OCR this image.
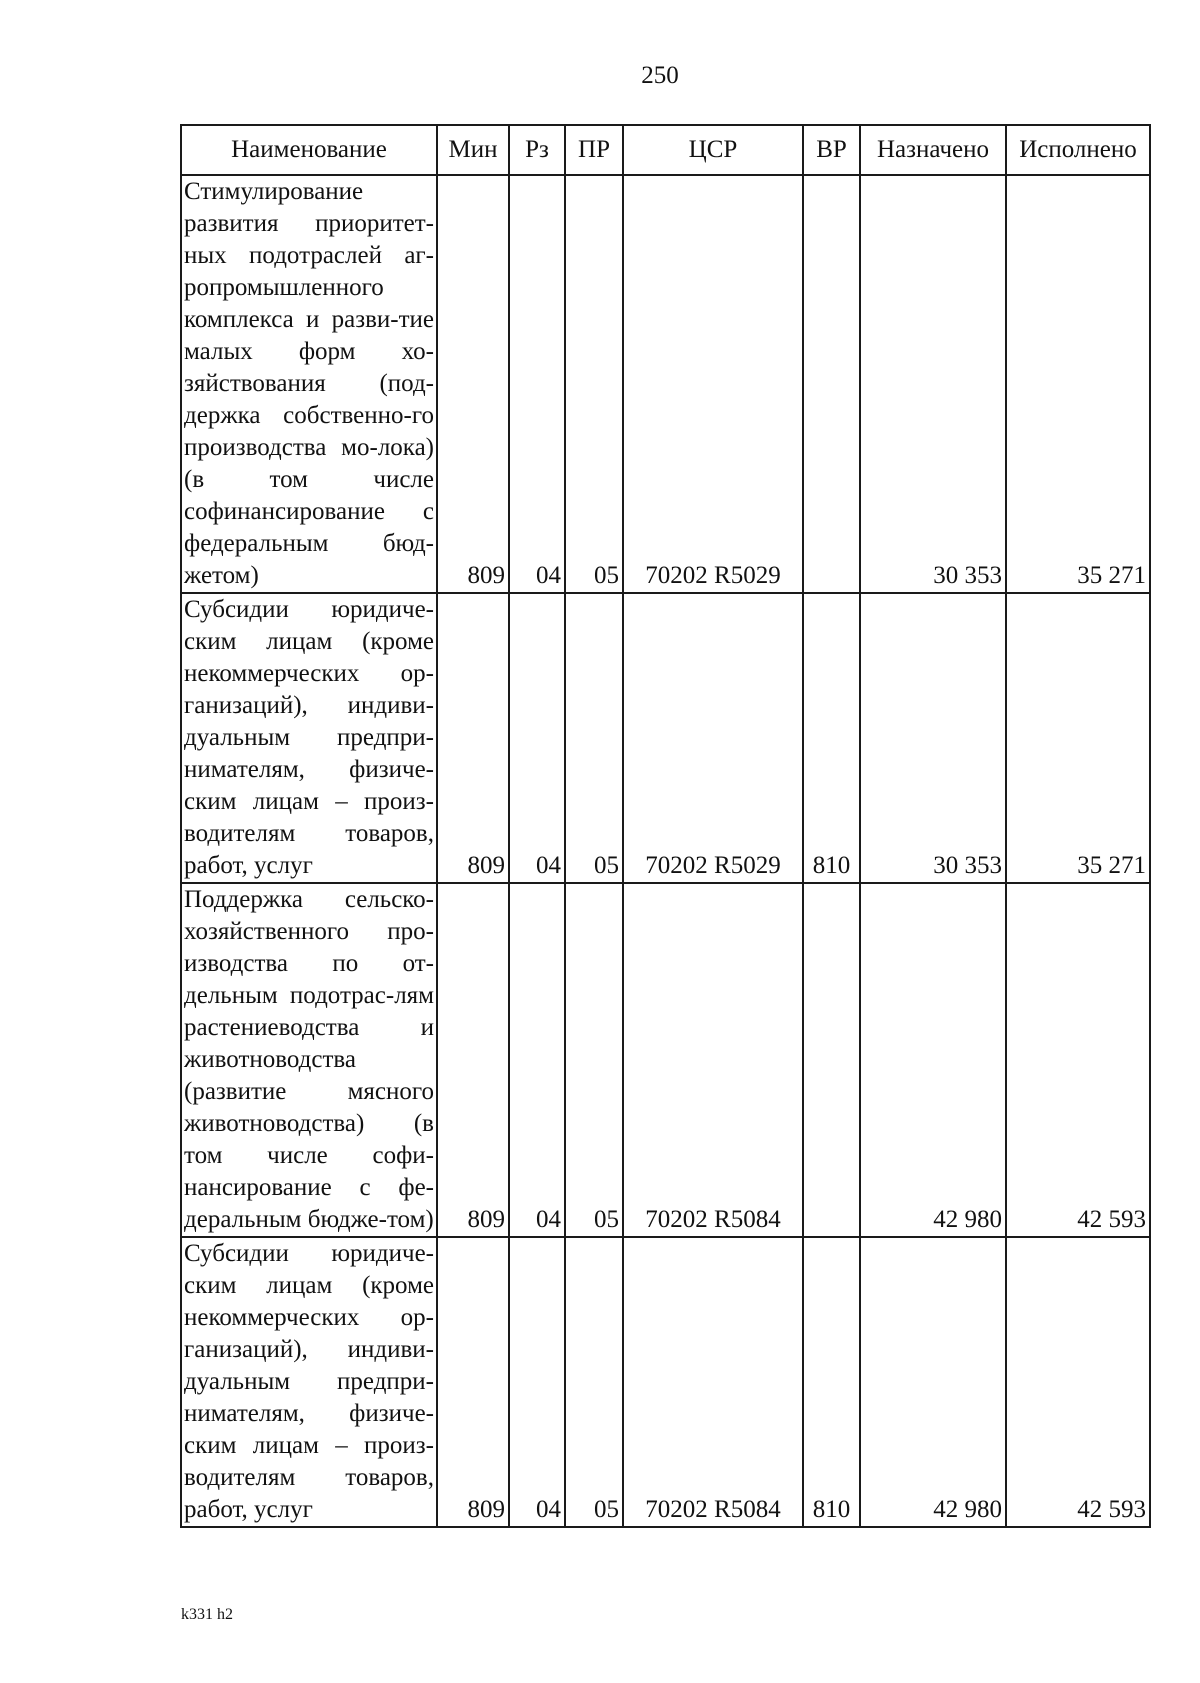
250
Наименование	Мин	Рз	ПР	ЦСР	ВР	Назначено	Исполнено
Стимулирование развития приоритет-ных подотраслей аг-ропромышленного комплекса и разви-тие малых форм хо-зяйствования (под-держка собственно-го производства мо-лока) (в том числе софинансирование с федеральным бюд-жетом)	809	04	05	70202 R5029		30 353	35 271
Субсидии юридиче-ским лицам (кроме некоммерческих ор-ганизаций), индиви-дуальным предпри-нимателям, физиче-ским лицам – произ-водителям товаров, работ, услуг	809	04	05	70202 R5029	810	30 353	35 271
Поддержка сельско-хозяйственного про-изводства по от-дельным подотрас-лям растениеводства и животноводства (развитие мясного животноводства) (в том числе софи-нансирование с фе-деральным бюдже-том)	809	04	05	70202 R5084		42 980	42 593
Субсидии юридиче-ским лицам (кроме некоммерческих ор-ганизаций), индиви-дуальным предпри-нимателям, физиче-ским лицам – произ-водителям товаров, работ, услуг	809	04	05	70202 R5084	810	42 980	42 593
k331 h2
